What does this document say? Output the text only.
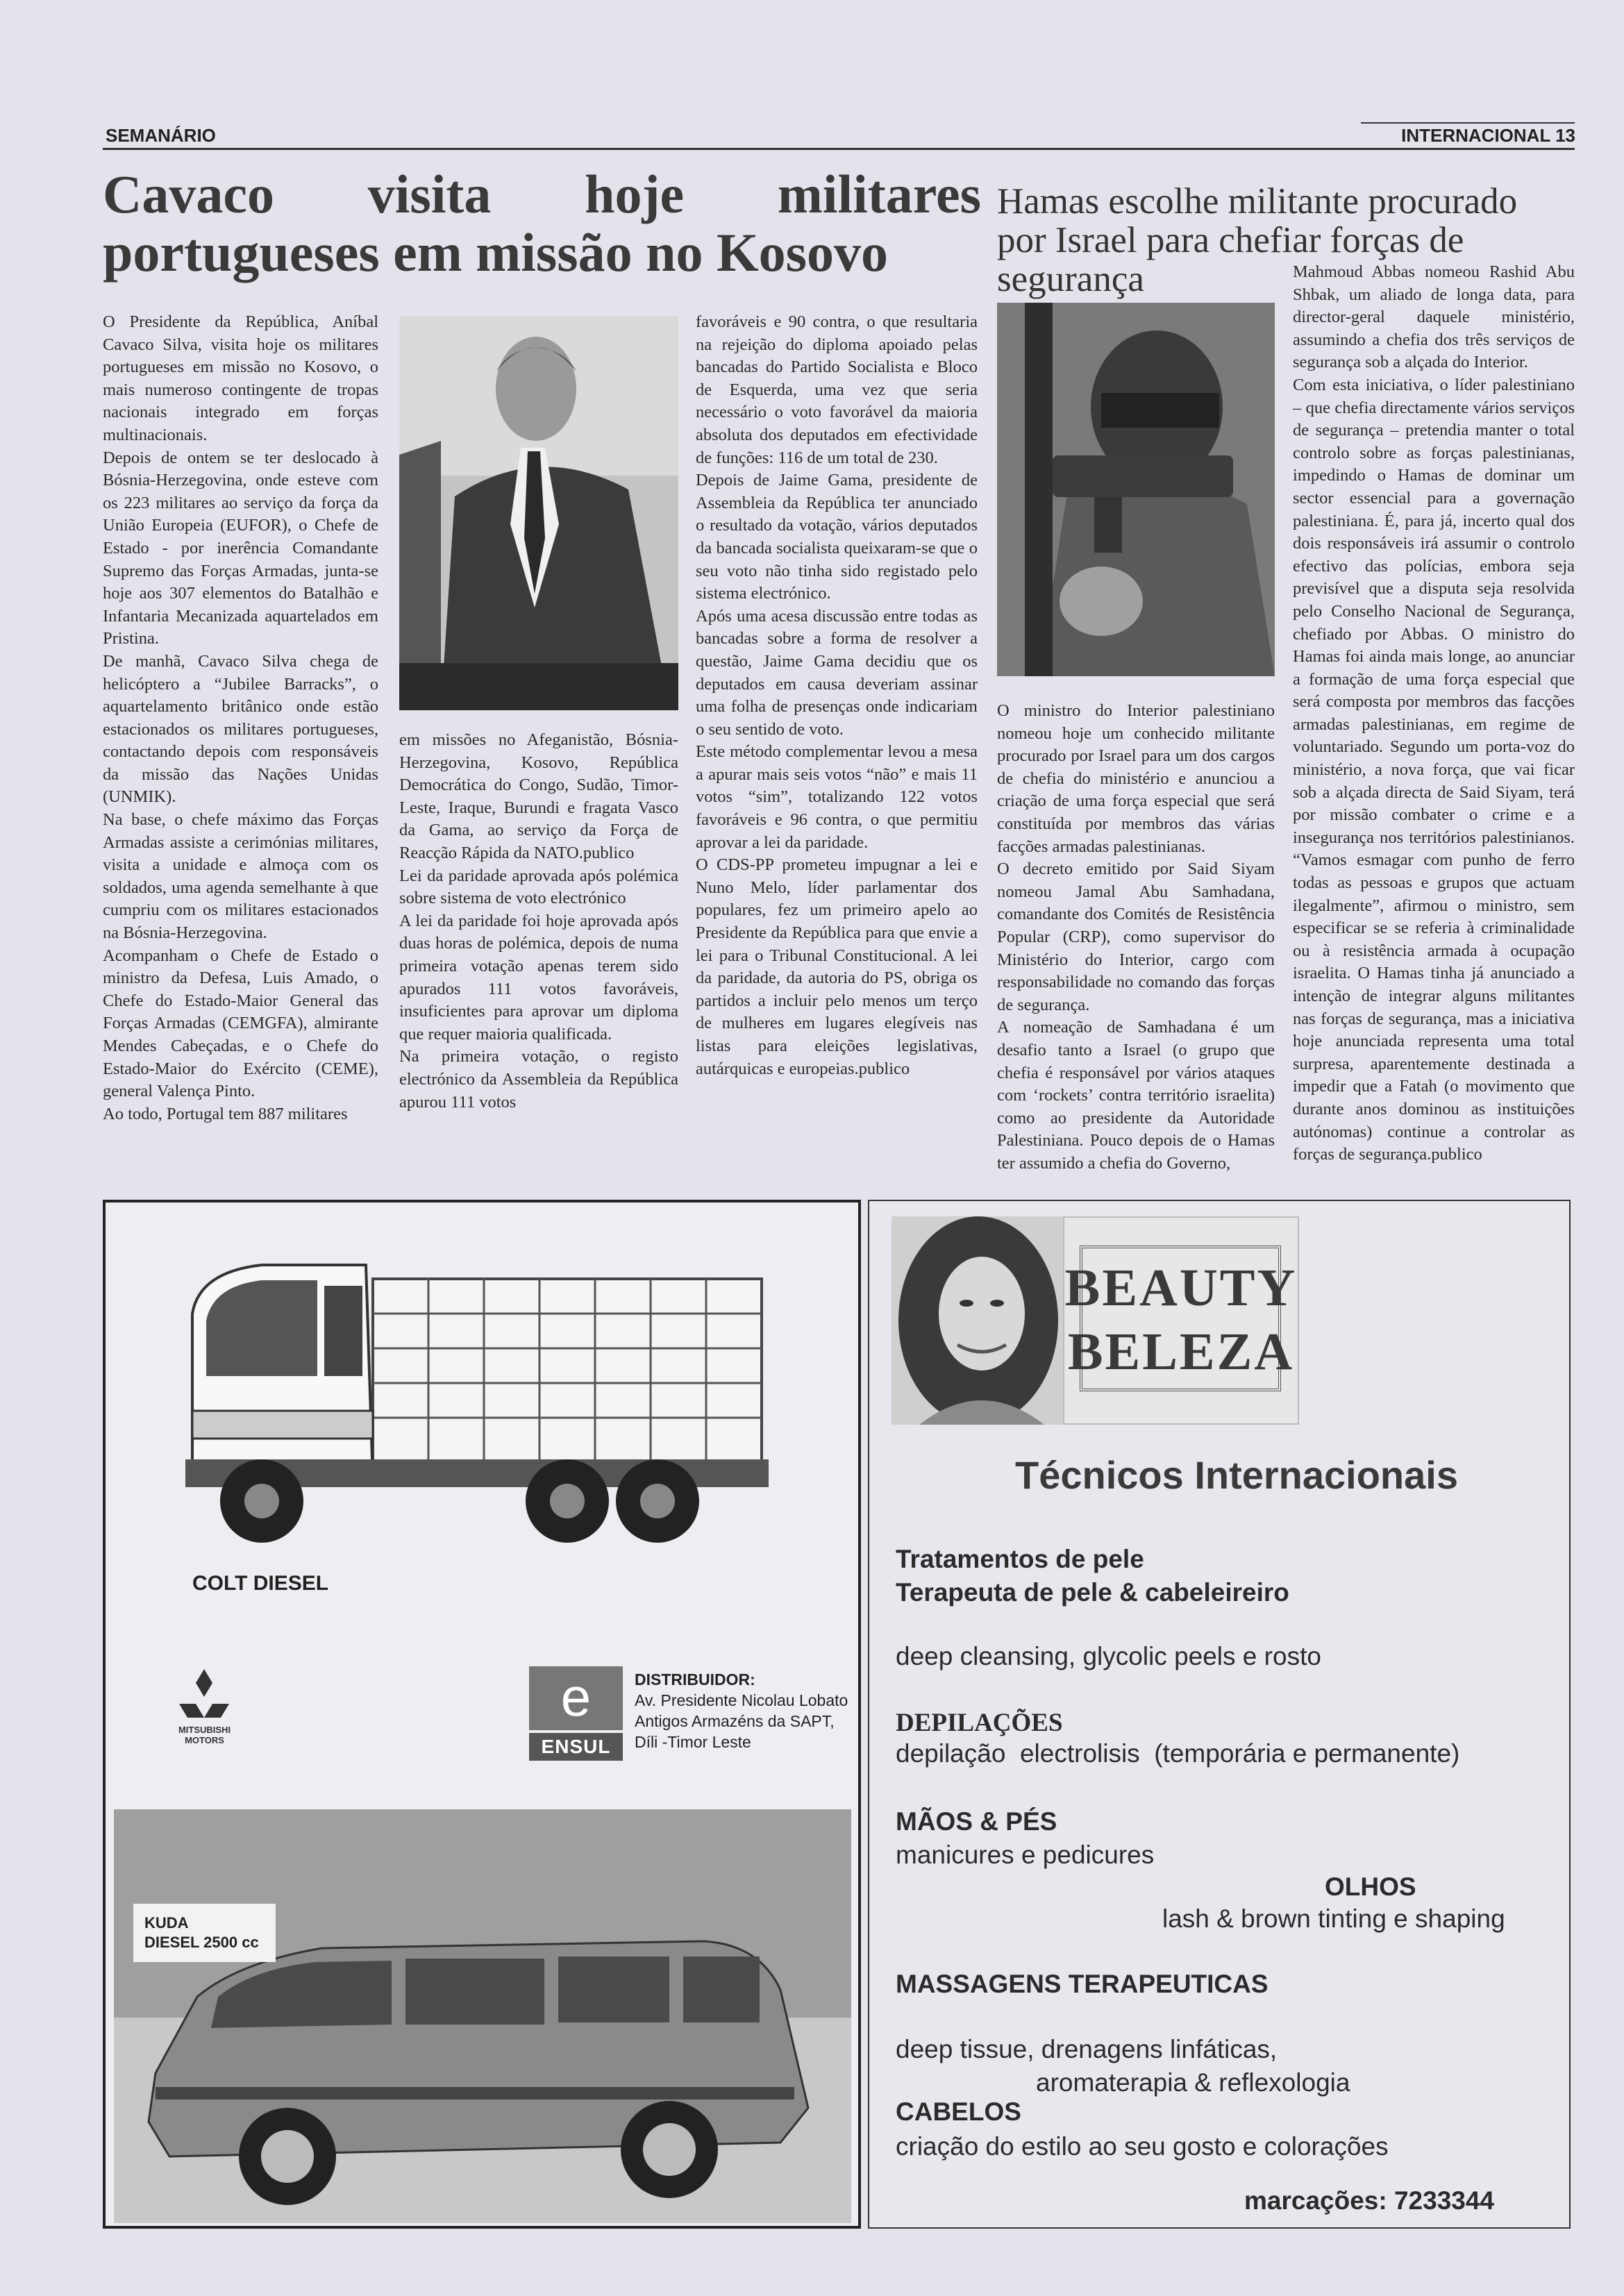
SEMANÁRIO	INTERNACIONAL 13
Cavaco visita hoje militares
portugueses em missão no Kosovo
Hamas escolhe militante procurado por Israel para chefiar forças de segurança

O Presidente da República, Aníbal Cavaco Silva, visita hoje os militares portugueses em missão no Kosovo, o mais numeroso contingente de tropas nacionais integrado em forças multinacionais.

Depois de ontem se ter deslocado à Bósnia-Herzegovina, onde esteve com os 223 militares ao serviço da força da União Europeia (EUFOR), o Chefe de Estado - por inerência Comandante Supremo das Forças Armadas, junta-se hoje aos 307 elementos do Batalhão e Infantaria Mecanizada aquartelados em Pristina.

De manhã, Cavaco Silva chega de helicóptero a “Jubilee Barracks”, o aquartelamento britânico onde estão estacionados os militares portugueses, contactando depois com responsáveis da missão das Nações Unidas (UNMIK).

Na base, o chefe máximo das Forças Armadas assiste a cerimónias militares, visita a unidade e almoça com os soldados, uma agenda semelhante à que cumpriu com os militares estacionados na Bósnia-Herzegovina.

Acompanham o Chefe de Estado o ministro da Defesa, Luis Amado, o Chefe do Estado-Maior General das Forças Armadas (CEMGFA), almirante Mendes Cabeçadas, e o Chefe do Estado-Maior do Exército (CEME), general Valença Pinto.

Ao todo, Portugal tem 887 militares

em missões no Afeganistão, Bósnia-Herzegovina, Kosovo, República Democrática do Congo, Sudão, Timor-Leste, Iraque, Burundi e fragata Vasco da Gama, ao serviço da Força de Reacção Rápida da NATO.publico

Lei da paridade aprovada após polémica sobre sistema de voto electrónico

A lei da paridade foi hoje aprovada após duas horas de polémica, depois de numa primeira votação apenas terem sido apurados 111 votos favoráveis, insuficientes para aprovar um diploma que requer maioria qualificada.

Na primeira votação, o registo electrónico da Assembleia da República apurou 111 votos

favoráveis e 90 contra, o que resultaria na rejeição do diploma apoiado pelas bancadas do Partido Socialista e Bloco de Esquerda, uma vez que seria necessário o voto favorável da maioria absoluta dos deputados em efectividade de funções: 116 de um total de 230.

Depois de Jaime Gama, presidente de Assembleia da República ter anunciado o resultado da votação, vários deputados da bancada socialista queixaram-se que o seu voto não tinha sido registado pelo sistema electrónico.

Após uma acesa discussão entre todas as bancadas sobre a forma de resolver a questão, Jaime Gama decidiu que os deputados em causa deveriam assinar uma folha de presenças onde indicariam o seu sentido de voto.

Este método complementar levou a mesa a apurar mais seis votos “não” e mais 11 votos “sim”, totalizando 122 votos favoráveis e 96 contra, o que permitiu aprovar a lei da paridade.

O CDS-PP prometeu impugnar a lei e Nuno Melo, líder parlamentar dos populares, fez um primeiro apelo ao Presidente da República para que envie a lei para o Tribunal Constitucional. A lei da paridade, da autoria do PS, obriga os partidos a incluir pelo menos um terço de mulheres em lugares elegíveis nas listas para eleições legislativas, autárquicas e europeias.publico

O ministro do Interior palestiniano nomeou hoje um conhecido militante procurado por Israel para um dos cargos de chefia do ministério e anunciou a criação de uma força especial que será constituída por membros das várias facções armadas palestinianas.

O decreto emitido por Said Siyam nomeou Jamal Abu Samhadana, comandante dos Comités de Resistência Popular (CRP), como supervisor do Ministério do Interior, cargo com responsabilidade no comando das forças de segurança.

A nomeação de Samhadana é um desafio tanto a Israel (o grupo que chefia é responsável por vários ataques com ‘rockets’ contra território israelita) como ao presidente da Autoridade Palestiniana. Pouco depois de o Hamas ter assumido a chefia do Governo,

Mahmoud Abbas nomeou Rashid Abu Shbak, um aliado de longa data, para director-geral daquele ministério, assumindo a chefia dos três serviços de segurança sob a alçada do Interior.

Com esta iniciativa, o líder palestiniano – que chefia directamente vários serviços de segurança – pretendia manter o total controlo sobre as forças palestinianas, impedindo o Hamas de dominar um sector essencial para a governação palestiniana. É, para já, incerto qual dos dois responsáveis irá assumir o controlo efectivo das polícias, embora seja previsível que a disputa seja resolvida pelo Conselho Nacional de Segurança, chefiado por Abbas. O ministro do Hamas foi ainda mais longe, ao anunciar a formação de uma força especial que será composta por membros das facções armadas palestinianas, em regime de voluntariado. Segundo um porta-voz do ministério, a nova força, que vai ficar sob a alçada directa de Said Siyam, terá por missão combater o crime e a insegurança nos territórios palestinianos. “Vamos esmagar com punho de ferro todas as pessoas e grupos que actuam ilegalmente”, afirmou o ministro, sem especificar se se referia à criminalidade ou à resistência armada à ocupação israelita. O Hamas tinha já anunciado a intenção de integrar alguns militantes nas forças de segurança, mas a iniciativa hoje anunciada representa uma total surpresa, aparentemente destinada a impedir que a Fatah (o movimento que durante anos dominou as instituições autónomas) continue a controlar as forças de segurança.publico

COLT DIESEL
MITSUBISHI
MOTORS
e
ENSUL
DISTRIBUIDOR:
Av. Presidente Nicolau Lobato
Antigos Armazéns da SAPT,
Díli -Timor Leste
KUDA
DIESEL 2500 cc
BEAUTY
BELEZA
Técnicos Internacionais
Tratamentos de pele
Terapeuta de pele & cabeleireiro
deep cleansing, glycolic peels e rosto
DEPILAÇÕES
depilação  electrolisis  (temporária e permanente)
MÃOS & PÉS
manicures e pedicures
OLHOS
lash & brown tinting e shaping
MASSAGENS TERAPEUTICAS
deep tissue, drenagens linfáticas,
aromaterapia & reflexologia
CABELOS
criação do estilo ao seu gosto e colorações
marcações: 7233344
